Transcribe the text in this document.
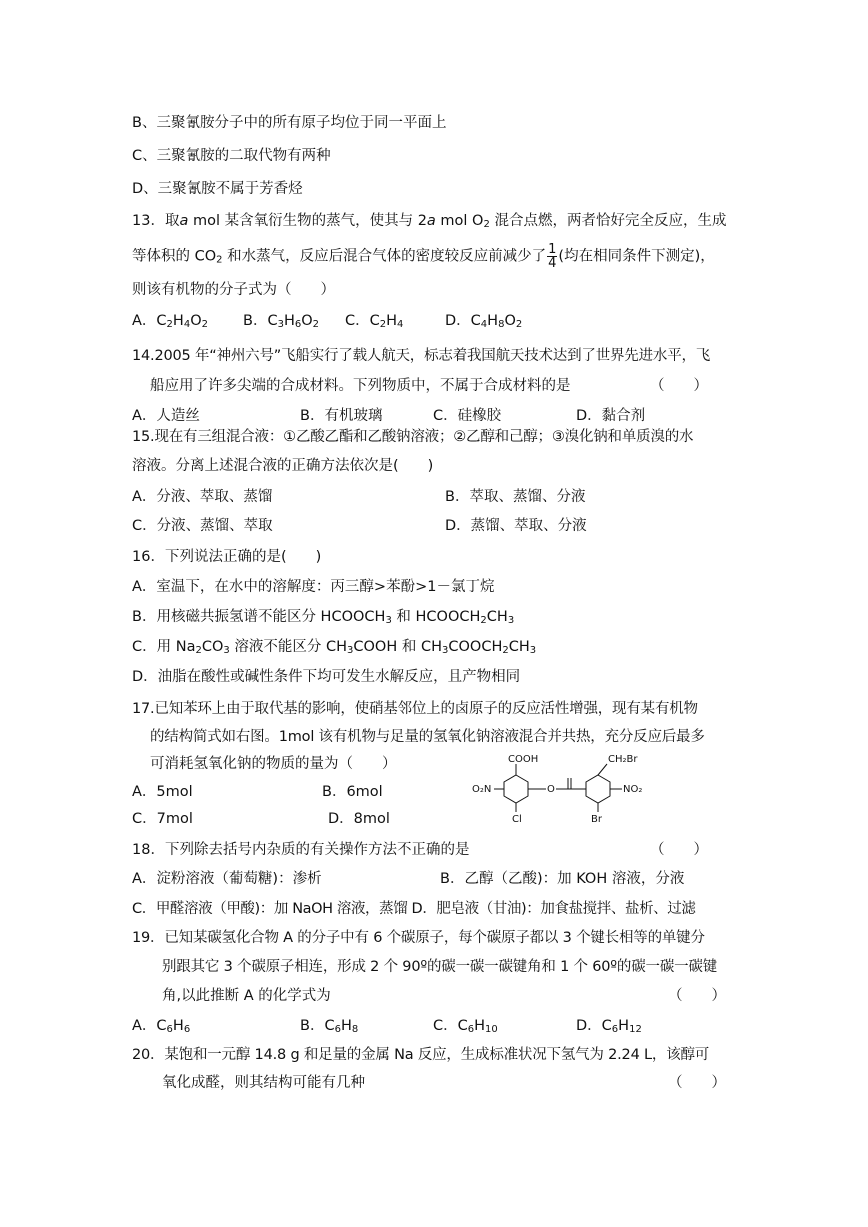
B、三聚氰胺分子中的所有原子均位于同一平面上
C、三聚氰胺的二取代物有两种
D、三聚氰胺不属于芳香烃
13．取a mol 某含氧衍生物的蒸气，使其与 2a mol $O_2$ 混合点燃，两者恰好完全反应，生成
等体积的 $CO_2$ 和水蒸气，反应后混合气体的密度较反应前减少了 $\frac{1}{4}$ (均在相同条件下测定)，
则该有机物的分子式为（　　）
A．$C_2H_4O_2$ B．$C_3H_6O_2$ C．$C_2H_4$	D．$C_4H_8O_2$
14.2005 年“神州六号”飞船实行了载人航天，标志着我国航天技术达到了世界先进水平，飞
船应用了许多尖端的合成材料。下列物质中，不属于合成材料的是	（　　）
A．人造丝	B．有机玻璃	C．硅橡胶	D．黏合剂
15.现在有三组混合液：①乙酸乙酯和乙酸钠溶液；②乙醇和己醇；③溴化钠和单质溴的水
溶液。分离上述混合液的正确方法依次是(　　)
A．分液、萃取、蒸馏	B．萃取、蒸馏、分液
C．分液、蒸馏、萃取	D．蒸馏、萃取、分液
16．下列说法正确的是(　　)
A．室温下，在水中的溶解度：丙三醇>苯酚>1－氯丁烷
B．用核磁共振氢谱不能区分 $HCOOCH_3$ 和 $HCOOCH_2CH_3$
C．用 $Na_2CO_3$ 溶液不能区分 $CH_3COOH$ 和 $CH_3COOCH_2CH_3$
D．油脂在酸性或碱性条件下均可发生水解反应，且产物相同
17.已知苯环上由于取代基的影响，使硝基邻位上的卤原子的反应活性增强，现有某有机物
的结构简式如右图。1mol 该有机物与足量的氢氧化钠溶液混合并共热，充分反应后最多
可消耗氢氧化钠的物质的量为（　　）
A．5mol	B．6mol
C．7mol	D．8mol
COOH
O₂N
Cl
O
CH₂Br
NO₂
Br
18．下列除去括号内杂质的有关操作方法不正确的是	（　　）
A．淀粉溶液（葡萄糖)：渗析	B．乙醇（乙酸)：加 KOH 溶液，分液
C．甲醛溶液（甲酸)：加 NaOH 溶液，蒸馏 D．肥皂液（甘油)：加食盐搅拌、盐析、过滤
19．已知某碳氢化合物 A 的分子中有 6 个碳原子，每个碳原子都以 3 个键长相等的单键分
别跟其它 3 个碳原子相连，形成 2 个 90º的碳一碳一碳键角和 1 个 60º的碳一碳一碳键
角,以此推断 A 的化学式为	（　　）
A．$C_6H_6$	B．$C_6H_8$	C．$C_6H_{10}$	D．$C_6H_{12}$
20．某饱和一元醇 14.8 g 和足量的金属 Na 反应，生成标准状况下氢气为 2.24 L，该醇可
氧化成醛，则其结构可能有几种	（　　）
